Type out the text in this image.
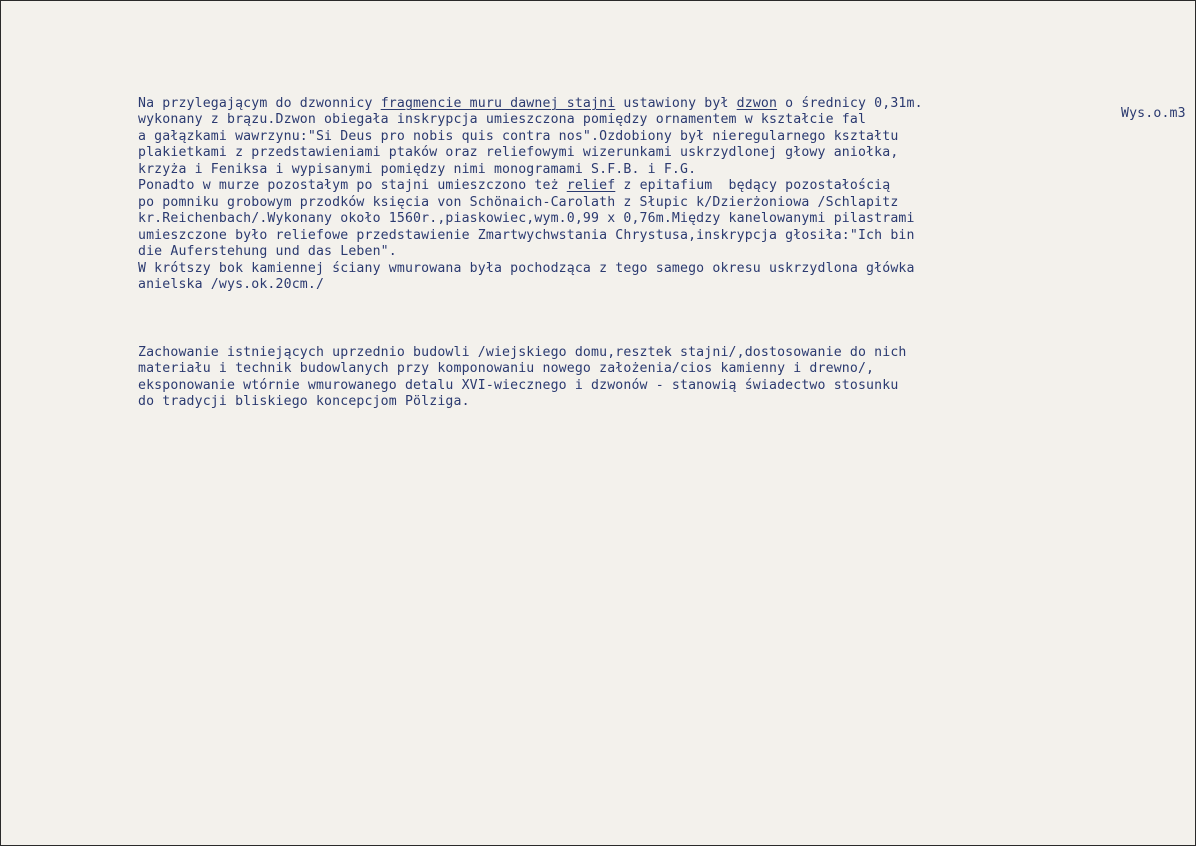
Na przylegającym do dzwonnicy fragmencie muru dawnej stajni ustawiony był dzwon o średnicy 0,31m.
Wys.o.m3
wykonany z brązu.Dzwon obiegała inskrypcja umieszczona pomiędzy ornamentem w kształcie fal
a gałązkami wawrzynu:"Si Deus pro nobis quis contra nos".Ozdobiony był nieregularnego kształtu
plakietkami z przedstawieniami ptaków oraz reliefowymi wizerunkami uskrzydlonej głowy aniołka,
krzyża i Feniksa i wypisanymi pomiędzy nimi monogramami S.F.B. i F.G.
Ponadto w murze pozostałym po stajni umieszczono też relief z epitafium  będący pozostałością
po pomniku grobowym przodków księcia von Schönaich-Carolath z Słupic k/Dzierżoniowa /Schlapitz
kr.Reichenbach/.Wykonany około 1560r.,piaskowiec,wym.0,99 x 0,76m.Między kanelowanymi pilastrami
umieszczone było reliefowe przedstawienie Zmartwychwstania Chrystusa,inskrypcja głosiła:"Ich bin
die Auferstehung und das Leben".
W krótszy bok kamiennej ściany wmurowana była pochodząca z tego samego okresu uskrzydlona główka
anielska /wys.ok.20cm./
Zachowanie istniejących uprzednio budowli /wiejskiego domu,resztek stajni/,dostosowanie do nich
materiału i technik budowlanych przy komponowaniu nowego założenia/cios kamienny i drewno/,
eksponowanie wtórnie wmurowanego detalu XVI-wiecznego i dzwonów - stanowią świadectwo stosunku
do tradycji bliskiego koncepcjom Pölziga.
